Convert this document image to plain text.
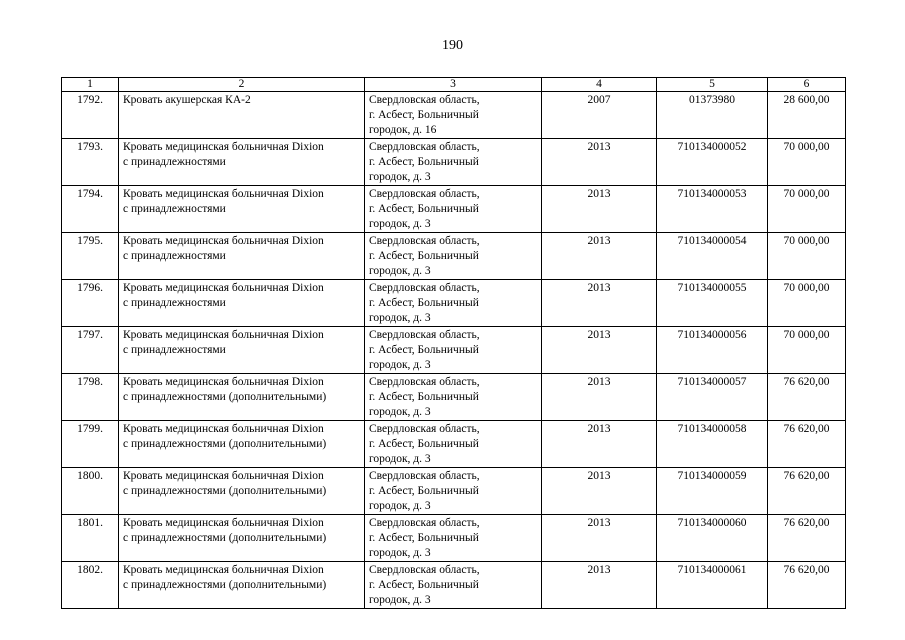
190
1	2	3	4	5	6
1792.	Кровать акушерская КА-2	Свердловская область,
г. Асбест, Больничный
городок, д. 16	2007	01373980	28 600,00
1793.	Кровать медицинская больничная Dixion
с принадлежностями	Свердловская область,
г. Асбест, Больничный
городок, д. 3	2013	710134000052	70 000,00
1794.	Кровать медицинская больничная Dixion
с принадлежностями	Свердловская область,
г. Асбест, Больничный
городок, д. 3	2013	710134000053	70 000,00
1795.	Кровать медицинская больничная Dixion
с принадлежностями	Свердловская область,
г. Асбест, Больничный
городок, д. 3	2013	710134000054	70 000,00
1796.	Кровать медицинская больничная Dixion
с принадлежностями	Свердловская область,
г. Асбест, Больничный
городок, д. 3	2013	710134000055	70 000,00
1797.	Кровать медицинская больничная Dixion
с принадлежностями	Свердловская область,
г. Асбест, Больничный
городок, д. 3	2013	710134000056	70 000,00
1798.	Кровать медицинская больничная Dixion
с принадлежностями (дополнительными)	Свердловская область,
г. Асбест, Больничный
городок, д. 3	2013	710134000057	76 620,00
1799.	Кровать медицинская больничная Dixion
с принадлежностями (дополнительными)	Свердловская область,
г. Асбест, Больничный
городок, д. 3	2013	710134000058	76 620,00
1800.	Кровать медицинская больничная Dixion
с принадлежностями (дополнительными)	Свердловская область,
г. Асбест, Больничный
городок, д. 3	2013	710134000059	76 620,00
1801.	Кровать медицинская больничная Dixion
с принадлежностями (дополнительными)	Свердловская область,
г. Асбест, Больничный
городок, д. 3	2013	710134000060	76 620,00
1802.	Кровать медицинская больничная Dixion
с принадлежностями (дополнительными)	Свердловская область,
г. Асбест, Больничный
городок, д. 3	2013	710134000061	76 620,00
